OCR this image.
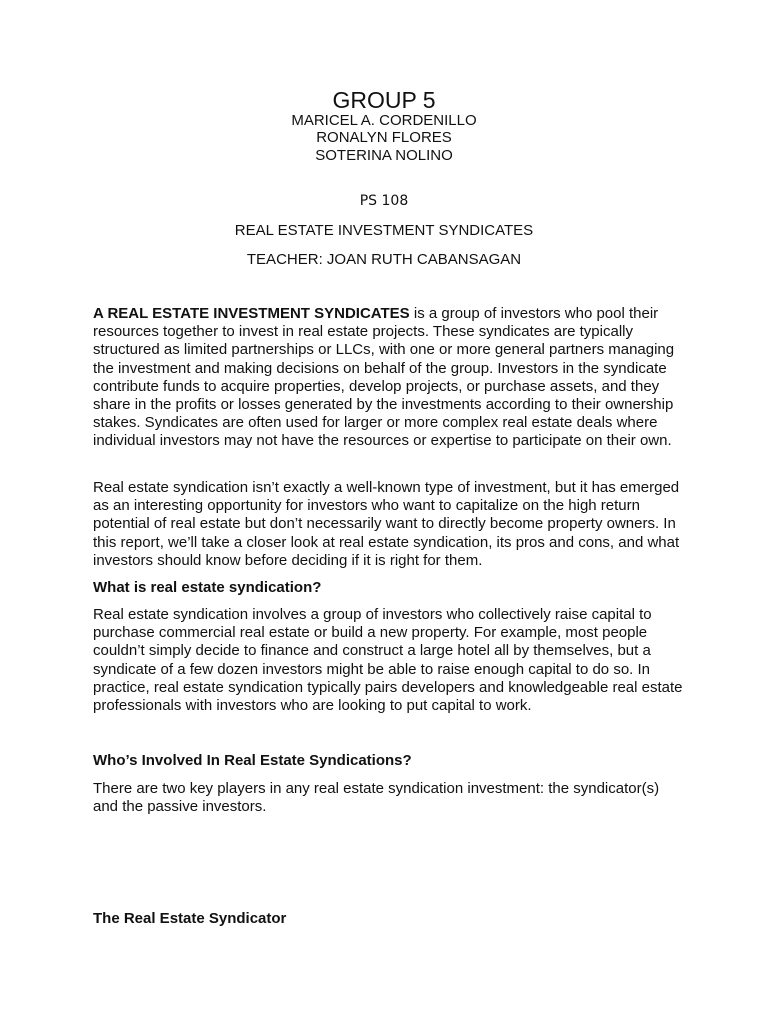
GROUP 5
MARICEL A. CORDENILLO
RONALYN FLORES
SOTERINA NOLINO
PS 108
REAL ESTATE INVESTMENT SYNDICATES
TEACHER: JOAN RUTH CABANSAGAN

A REAL ESTATE INVESTMENT SYNDICATES is a group of investors who pool their resources together to invest in real estate projects. These syndicates are typically structured as limited partnerships or LLCs, with one or more general partners managing the investment and making decisions on behalf of the group. Investors in the syndicate contribute funds to acquire properties, develop projects, or purchase assets, and they share in the profits or losses generated by the investments according to their ownership stakes. Syndicates are often used for larger or more complex real estate deals where individual investors may not have the resources or expertise to participate on their own.

Real estate syndication isn’t exactly a well-known type of investment, but it has emerged as an interesting opportunity for investors who want to capitalize on the high return potential of real estate but don’t necessarily want to directly become property owners. In this report, we’ll take a closer look at real estate syndication, its pros and cons, and what investors should know before deciding if it is right for them.

What is real estate syndication?

Real estate syndication involves a group of investors who collectively raise capital to purchase commercial real estate or build a new property. For example, most people couldn’t simply decide to finance and construct a large hotel all by themselves, but a syndicate of a few dozen investors might be able to raise enough capital to do so. In practice, real estate syndication typically pairs developers and knowledgeable real estate professionals with investors who are looking to put capital to work.

Who’s Involved In Real Estate Syndications?

There are two key players in any real estate syndication investment: the syndicator(s) and the passive investors.

The Real Estate Syndicator
